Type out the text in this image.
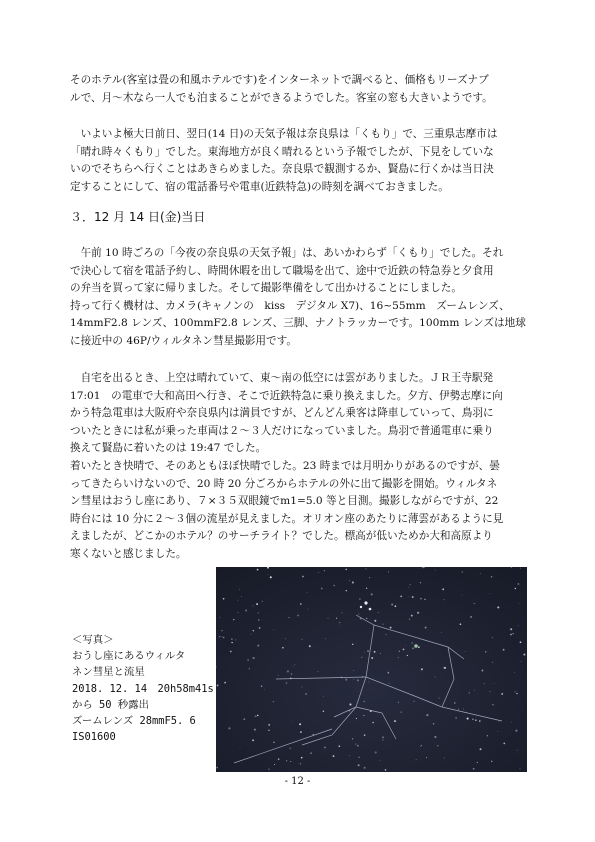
そのホテル(客室は畳の和風ホテルです)をインターネットで調べると、価格もリーズナブ
ルで、月～木なら一人でも泊まることができるようでした。客室の窓も大きいようです。
　いよいよ極大日前日、翌日(14 日)の天気予報は奈良県は「くもり」で、三重県志摩市は
「晴れ時々くもり」でした。東海地方が良く晴れるという予報でしたが、下見をしていな
いのでそちらへ行くことはあきらめました。奈良県で観測するか、賢島に行くかは当日決
定することにして、宿の電話番号や電車(近鉄特急)の時刻を調べておきました。
３．12 月 14 日(金)当日
　午前 10 時ごろの「今夜の奈良県の天気予報」は、あいかわらず「くもり」でした。それ
で決心して宿を電話予約し、時間休暇を出して職場を出て、途中で近鉄の特急券と夕食用
の弁当を買って家に帰りました。そして撮影準備をして出かけることにしました。
持って行く機材は、カメラ(キャノンの　kiss　デジタル X7)、16~55mm　ズームレンズ、
14mmF2.8 レンズ、100mmF2.8 レンズ、三脚、ナノトラッカーです。100mm レンズは地球
に接近中の 46P/ウィルタネン彗星撮影用です。
　自宅を出るとき、上空は晴れていて、東～南の低空には雲がありました。ＪＲ王寺駅発
17:01　の電車で大和高田へ行き、そこで近鉄特急に乗り換えました。夕方、伊勢志摩に向
かう特急電車は大阪府や奈良県内は満員ですが、どんどん乗客は降車していって、鳥羽に
ついたときには私が乗った車両は２～３人だけになっていました。鳥羽で普通電車に乗り
換えて賢島に着いたのは 19:47 でした。
着いたとき快晴で、そのあともほぼ快晴でした。23 時までは月明かりがあるのですが、曇
ってきたらいけないので、20 時 20 分ごろからホテルの外に出て撮影を開始。ウィルタネ
ン彗星はおうし座にあり、７×３５双眼鏡でm1=5.0 等と目測。撮影しながらですが、22
時台には 10 分に２～３個の流星が見えました。オリオン座のあたりに薄雲があるように見
えましたが、どこかのホテル？のサーチライト？でした。標高が低いためか大和高原より
寒くないと感じました。
＜写真＞
おうし座にあるウィルタ
ネン彗星と流星
2018. 12. 14　20h58m41s
から 50 秒露出
ズームレンズ 28mmF5. 6
IS01600
- 12 -
